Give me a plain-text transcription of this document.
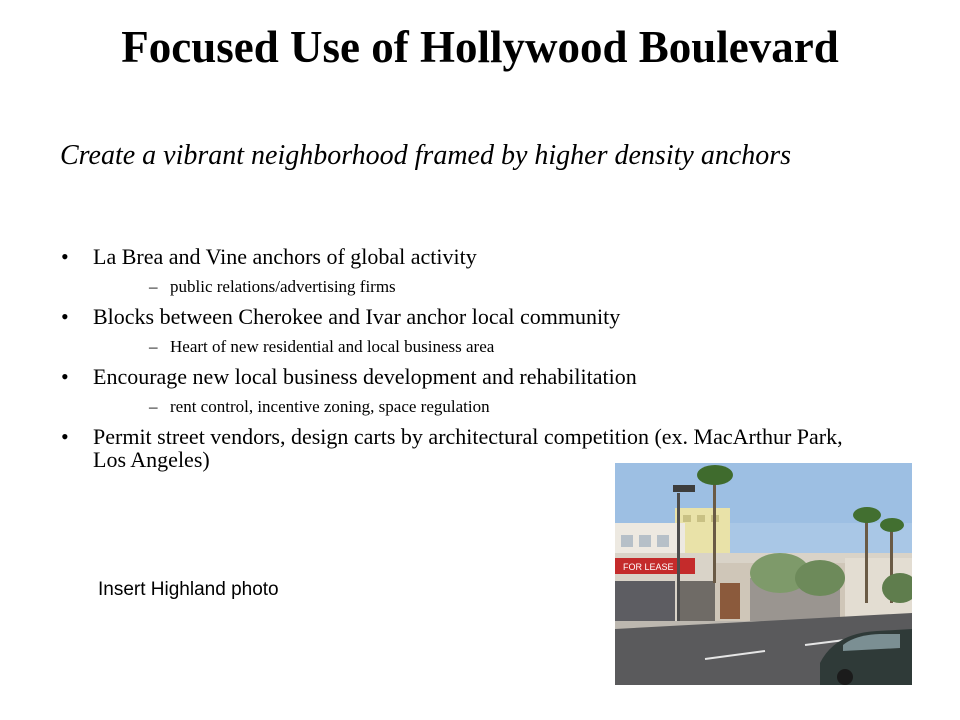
Focused Use of Hollywood Boulevard

Create a vibrant neighborhood framed by higher density anchors

• La Brea and Vine anchors of global activity
– public relations/advertising firms
• Blocks between Cherokee and Ivar anchor local community
– Heart of new residential and local business area
• Encourage new local business development and rehabilitation
– rent control, incentive zoning, space regulation
• Permit street vendors, design carts by architectural competition (ex. MacArthur Park, Los Angeles)
Insert Highland photo
FOR LEASE
